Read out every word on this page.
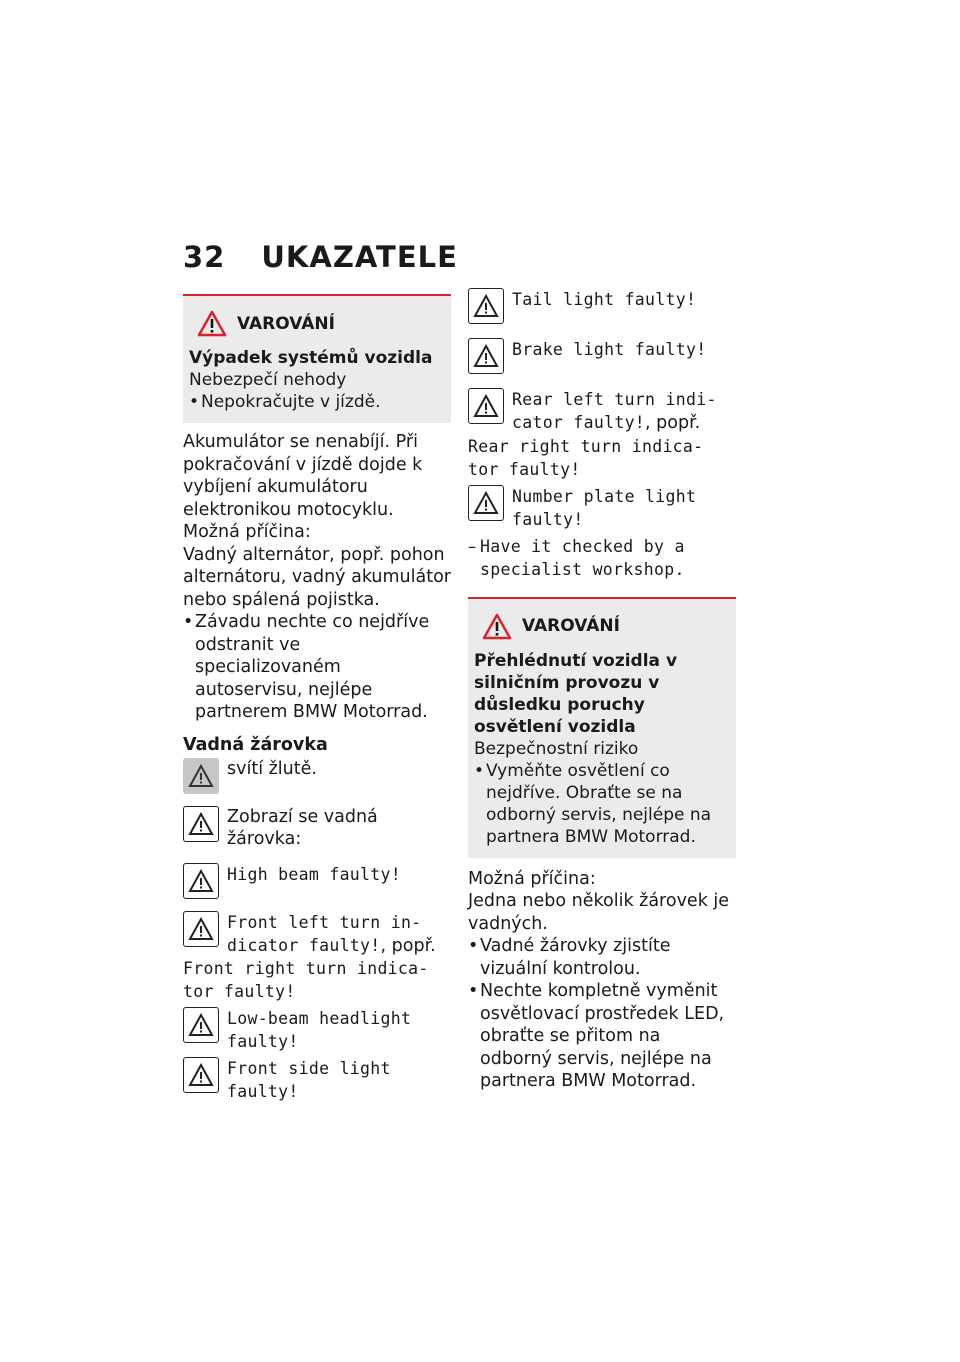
32 UKAZATELE
VAROVÁNÍ
Výpadek systémů vozidla
Nebezpečí nehody
• Nepokračujte v jízdě.
Akumulátor se nenabíjí. Při pokračování v jízdě dojde k vybíjení akumulátoru elektronikou motocyklu.
Možná příčina:
Vadný alternátor, popř. pohon alternátoru, vadný akumulátor nebo spálená pojistka.
• Závadu nechte co nejdříve odstranit ve specializovaném autoservisu, nejlépe partnerem BMW Motorrad.
Vadná žárovka
svítí žlutě.
Zobrazí se vadná žárovka:
High beam faulty!
Front left turn in-
dicator faulty!, popř.
Front right turn indica-
tor faulty!
Low-beam headlight
faulty!
Front side light
faulty!
Tail light faulty!
Brake light faulty!
Rear left turn indi-
cator faulty!, popř.
Rear right turn indica-
tor faulty!
Number plate light
faulty!
– Have it checked by a
specialist workshop.
VAROVÁNÍ
Přehlédnutí vozidla v silničním provozu v důsledku poruchy osvětlení vozidla
Bezpečnostní riziko
• Vyměňte osvětlení co nejdříve. Obraťte se na odborný servis, nejlépe na partnera BMW Motorrad.
Možná příčina:
Jedna nebo několik žárovek je vadných.
• Vadné žárovky zjistíte vizuální kontrolou.
• Nechte kompletně vyměnit osvětlovací prostředek LED, obraťte se přitom na odborný servis, nejlépe na partnera BMW Motorrad.
